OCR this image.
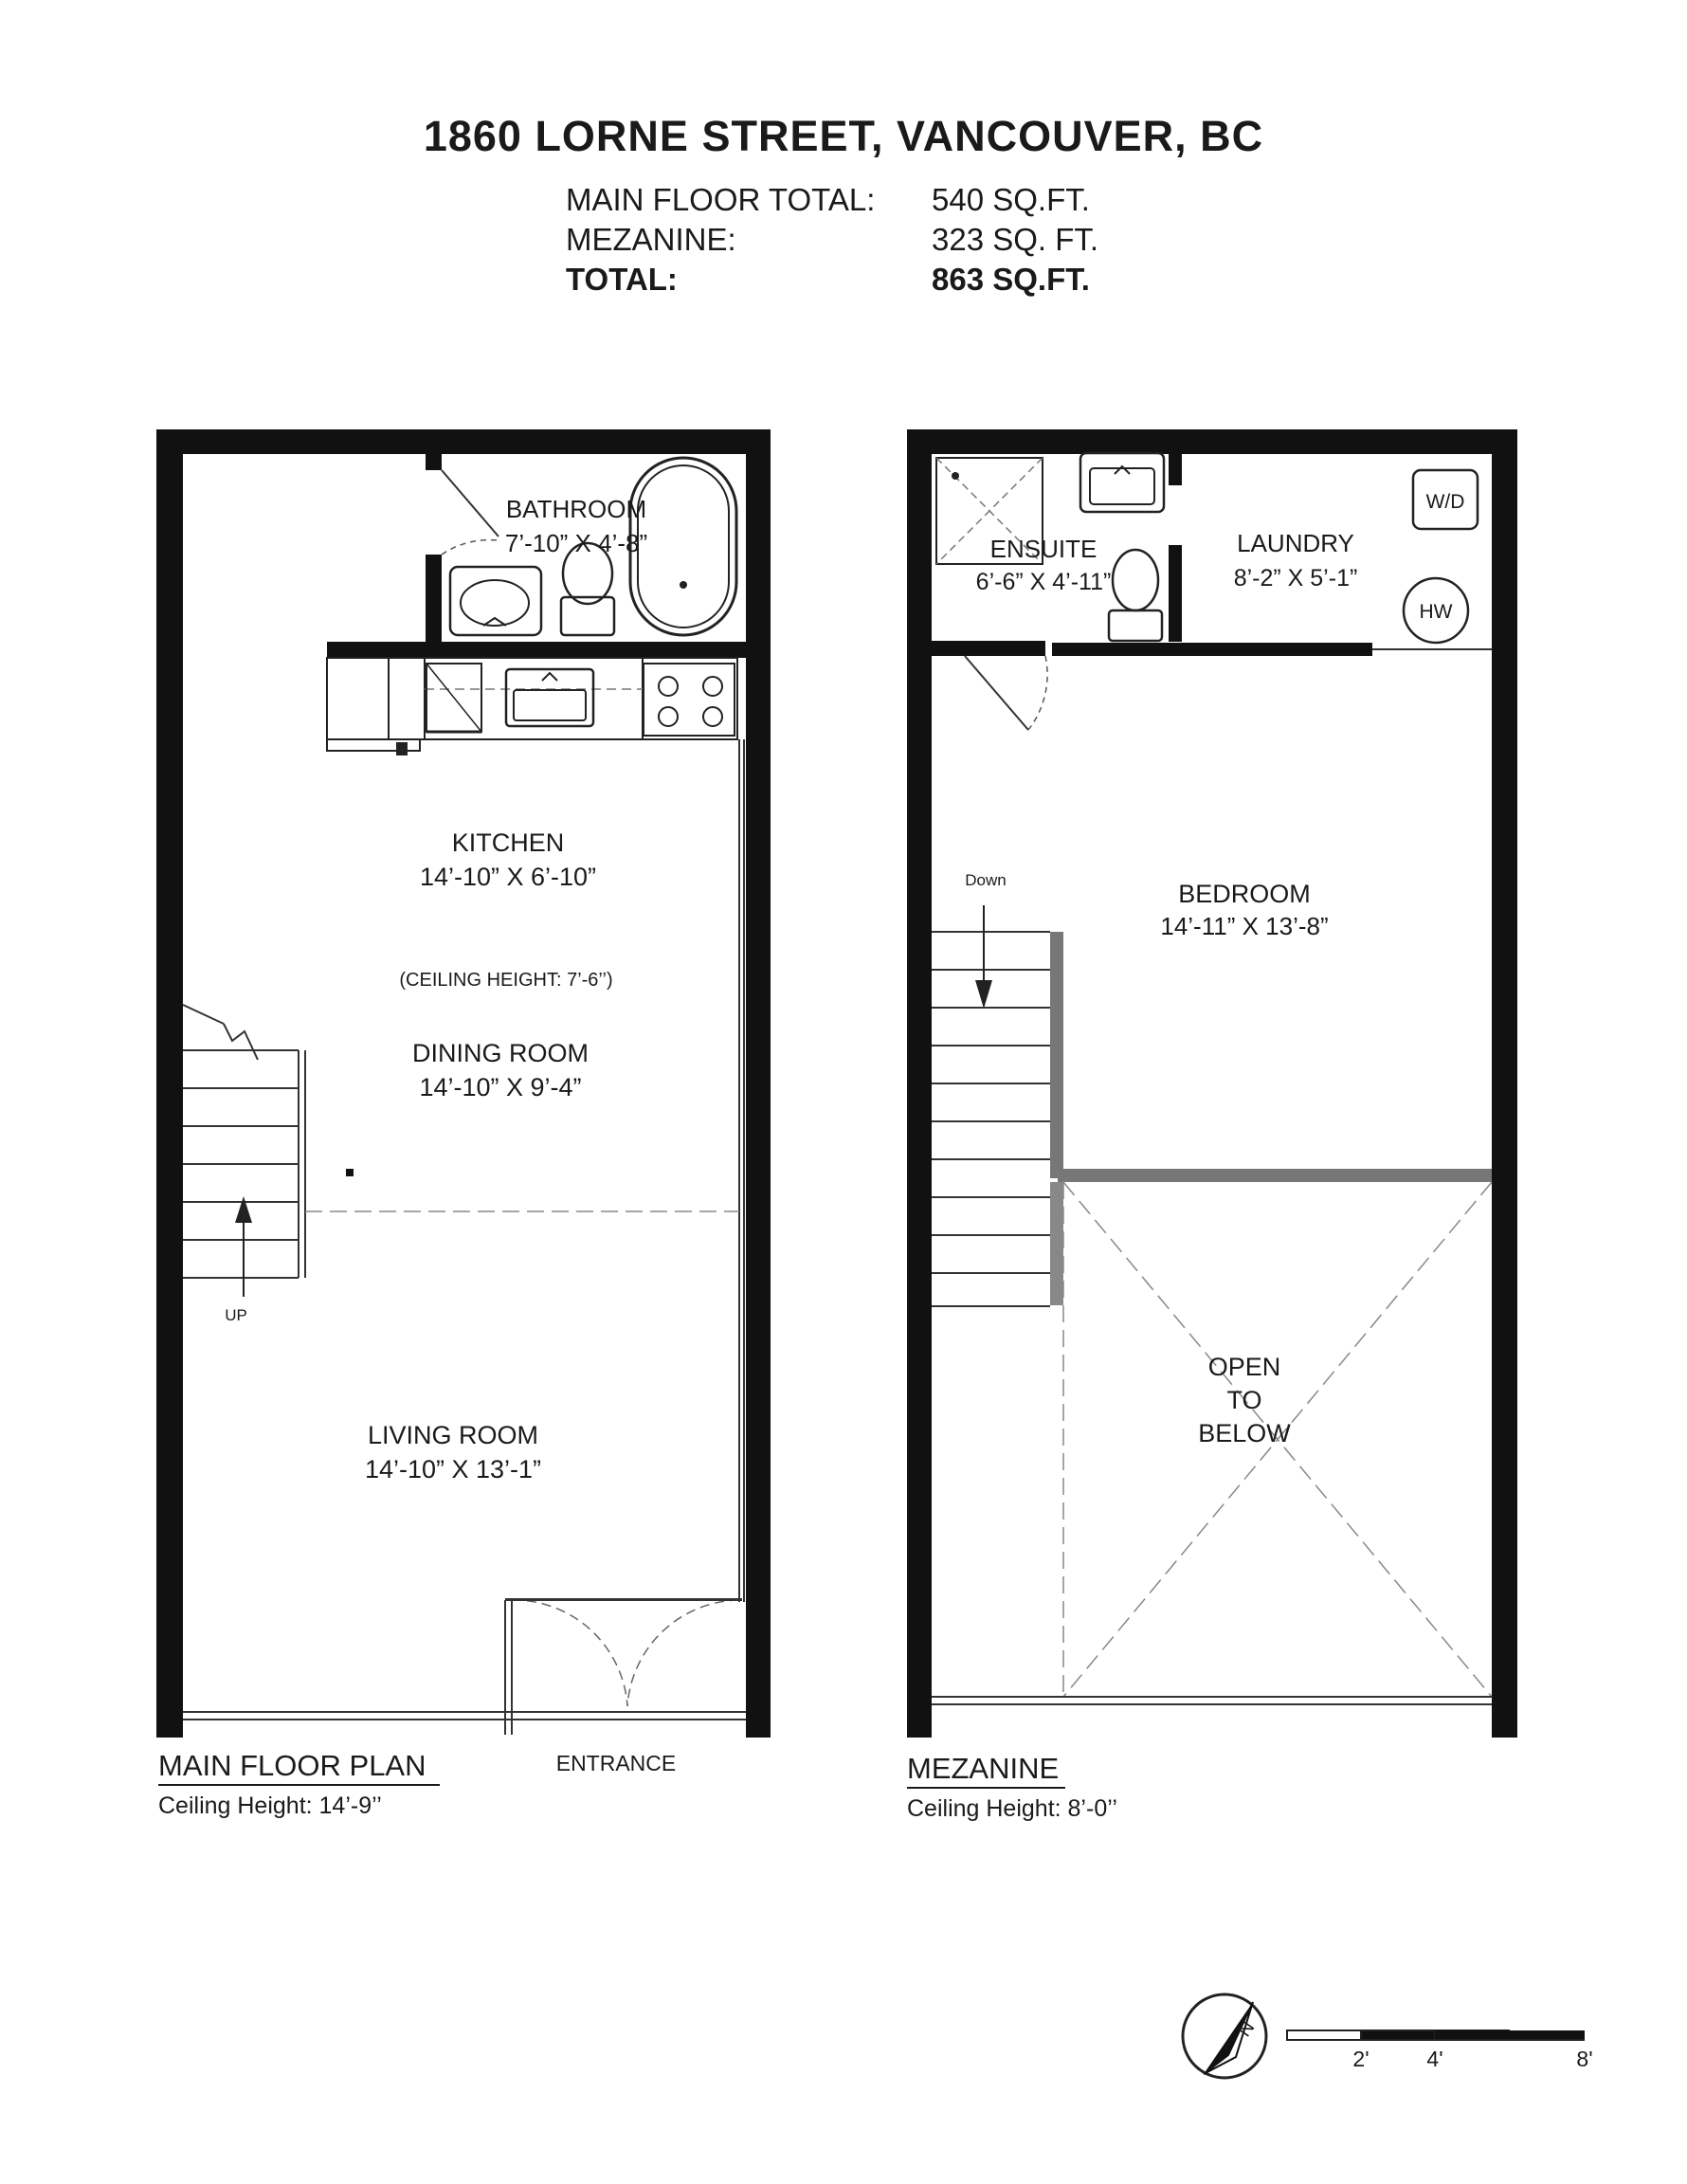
1860 LORNE STREET, VANCOUVER, BC
MAIN FLOOR TOTAL: 540 SQ.FT.
MEZANINE:	323 SQ. FT.
TOTAL:	863 SQ.FT.
BATHROOM
7’-10” X 4’-8”
KITCHEN
14’-10” X 6’-10”
(CEILING HEIGHT: 7’-6’’)
DINING ROOM
14’-10” X 9’-4”
UP
LIVING ROOM
14’-10” X 13’-1”
ENTRANCE
MAIN FLOOR PLAN
Ceiling Height: 14’-9’’
ENSUITE
6’-6” X 4’-11”
LAUNDRY
8’-2” X 5’-1”
W/D
HW
Down	BEDROOM
14’-11” X 13’-8”
OPEN
TO
BELOW
MEZANINE
Ceiling Height: 8’-0’’
N
2'	4'	8'
